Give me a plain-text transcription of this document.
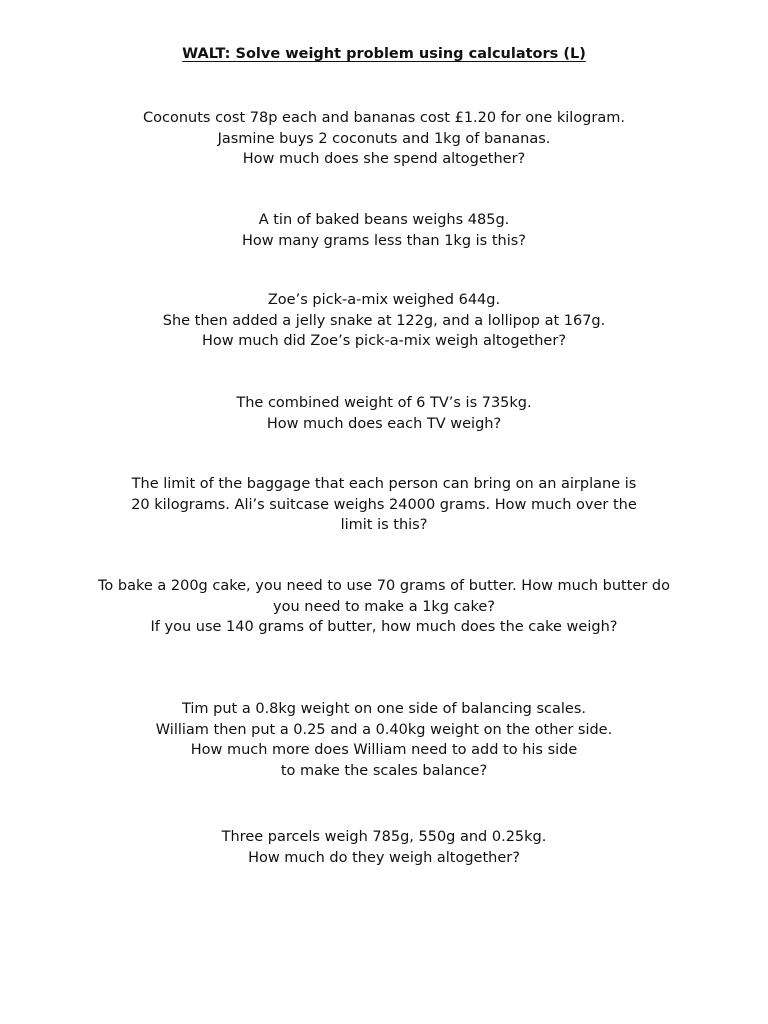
WALT: Solve weight problem using calculators (L)
Coconuts cost 78p each and bananas cost £1.20 for one kilogram.
Jasmine buys 2 coconuts and 1kg of bananas.
How much does she spend altogether?
A tin of baked beans weighs 485g.
How many grams less than 1kg is this?
Zoe’s pick-a-mix weighed 644g.
She then added a jelly snake at 122g, and a lollipop at 167g.
How much did Zoe’s pick-a-mix weigh altogether?
The combined weight of 6 TV’s is 735kg.
How much does each TV weigh?
The limit of the baggage that each person can bring on an airplane is
20 kilograms. Ali’s suitcase weighs 24000 grams. How much over the
limit is this?
To bake a 200g cake, you need to use 70 grams of butter. How much butter do
you need to make a 1kg cake?
If you use 140 grams of butter, how much does the cake weigh?
Tim put a 0.8kg weight on one side of balancing scales.
William then put a 0.25 and a 0.40kg weight on the other side.
How much more does William need to add to his side
to make the scales balance?
Three parcels weigh 785g, 550g and 0.25kg.
How much do they weigh altogether?
